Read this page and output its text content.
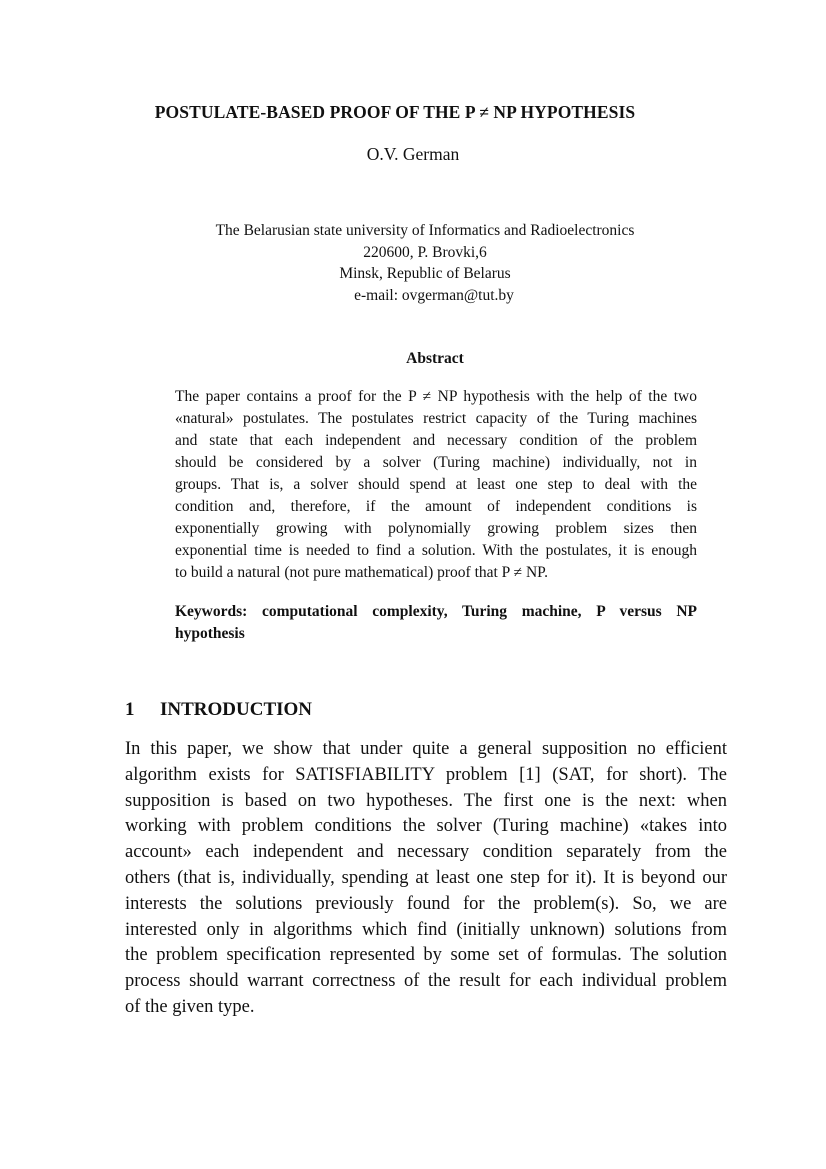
POSTULATE-BASED PROOF OF THE P ≠ NP HYPOTHESIS
O.V. German
The Belarusian state university of Informatics and Radioelectronics
220600, P. Brovki,6
Minsk, Republic of Belarus
e-mail: ovgerman@tut.by
Abstract
The paper contains a proof for the P ≠ NP hypothesis with the help of the two
«natural» postulates. The postulates restrict capacity of the Turing machines
and state that each independent and necessary condition of the problem
should be considered by a solver (Turing machine) individually, not in
groups. That is, a solver should spend at least one step to deal with the
condition and, therefore, if the amount of independent conditions is
exponentially growing with polynomially growing problem sizes then
exponential time is needed to find a solution. With the postulates, it is enough
to build a natural (not pure mathematical) proof that P ≠ NP.
Keywords: computational complexity, Turing machine, P versus NP
hypothesis
1 INTRODUCTION
In this paper, we show that under quite a general supposition no efficient
algorithm exists for SATISFIABILITY problem [1] (SAT, for short). The
supposition is based on two hypotheses. The first one is the next: when
working with problem conditions the solver (Turing machine) «takes into
account» each independent and necessary condition separately from the
others (that is, individually, spending at least one step for it). It is beyond our
interests the solutions previously found for the problem(s). So, we are
interested only in algorithms which find (initially unknown) solutions from
the problem specification represented by some set of formulas. The solution
process should warrant correctness of the result for each individual problem
of the given type.
